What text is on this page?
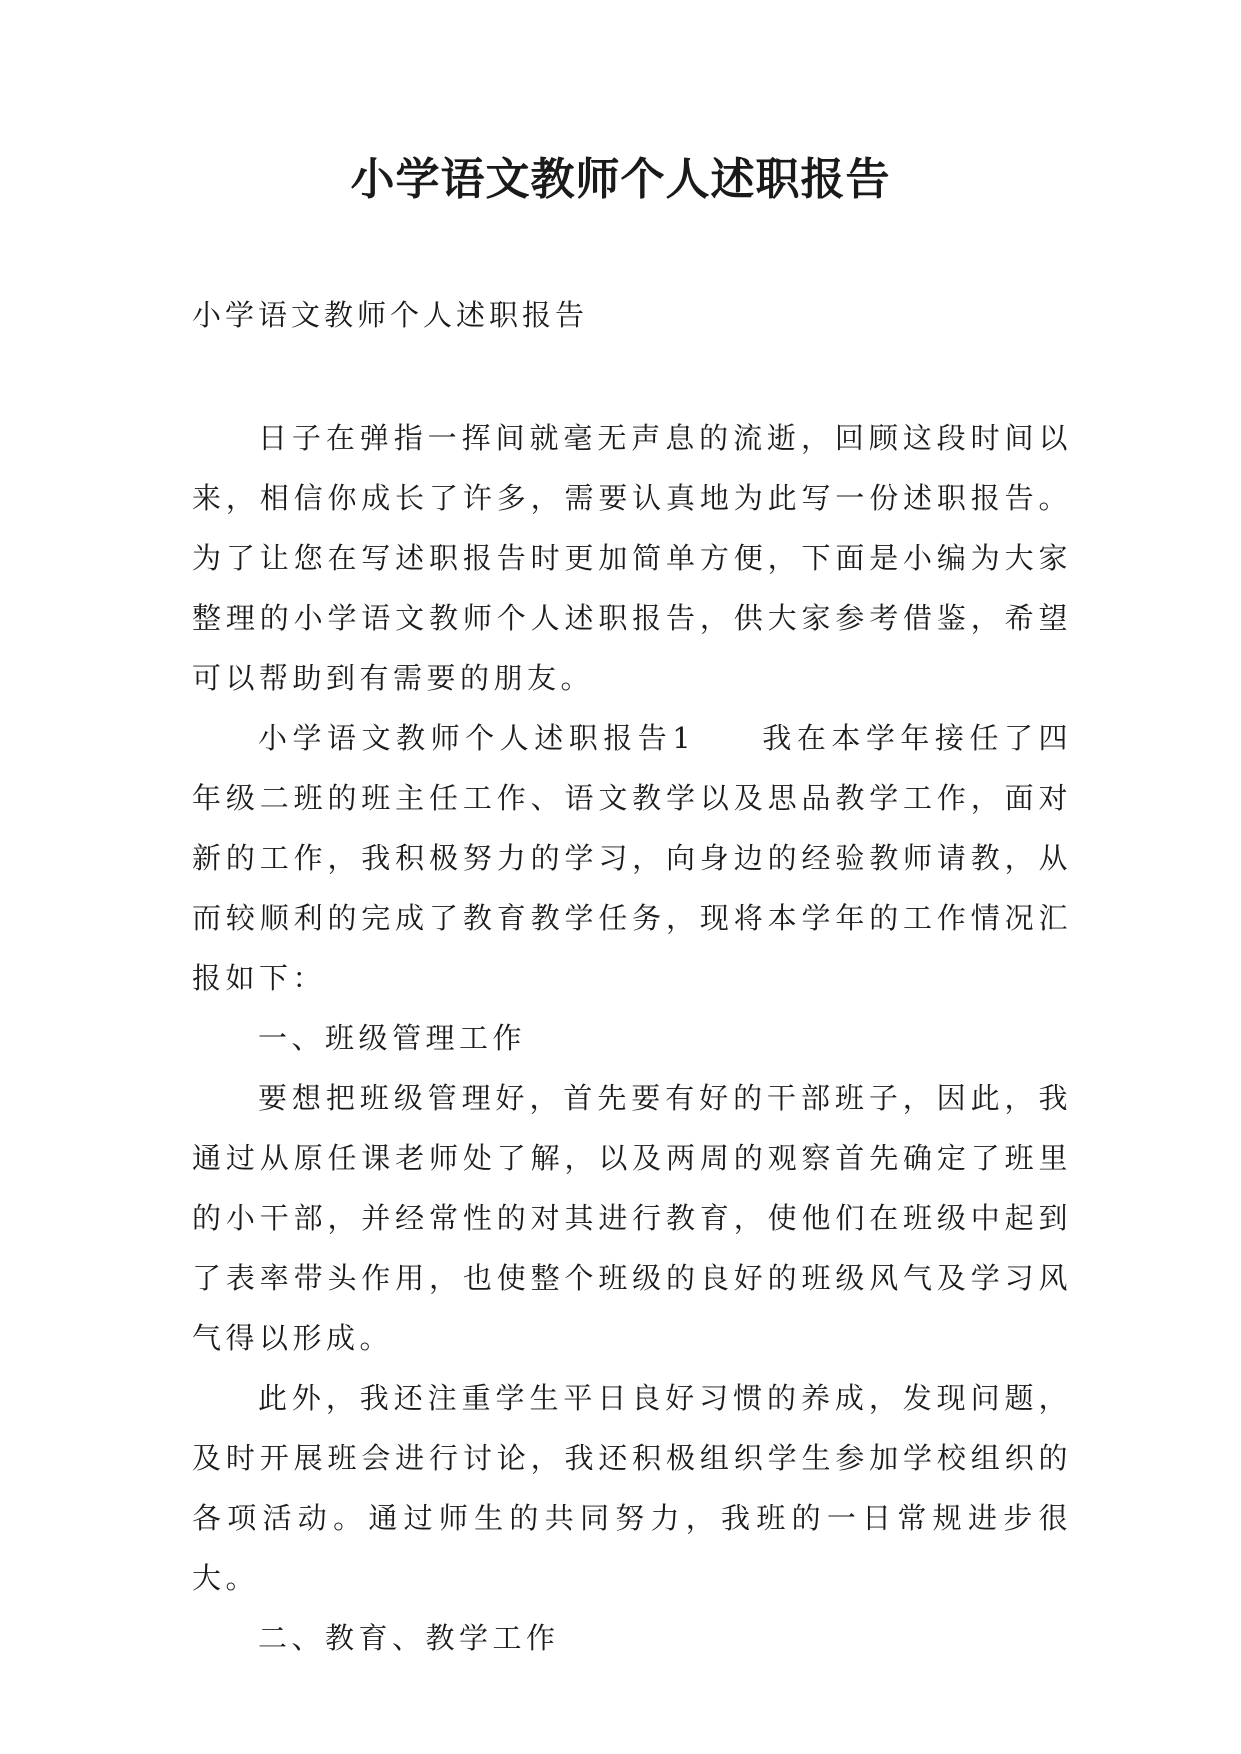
小学语文教师个人述职报告
小学语文教师个人述职报告

日子在弹指一挥间就毫无声息的流逝，回顾这段时间以来，相信你成长了许多，需要认真地为此写一份述职报告。为了让您在写述职报告时更加简单方便，下面是小编为大家整理的小学语文教师个人述职报告，供大家参考借鉴，希望可以帮助到有需要的朋友。

小学语文教师个人述职报告1 我在本学年接任了四年级二班的班主任工作、语文教学以及思品教学工作，面对新的工作，我积极努力的学习，向身边的经验教师请教，从而较顺利的完成了教育教学任务，现将本学年的工作情况汇报如下：

一、班级管理工作

要想把班级管理好，首先要有好的干部班子，因此，我通过从原任课老师处了解，以及两周的观察首先确定了班里的小干部，并经常性的对其进行教育，使他们在班级中起到了表率带头作用，也使整个班级的良好的班级风气及学习风气得以形成。

此外，我还注重学生平日良好习惯的养成，发现问题，及时开展班会进行讨论，我还积极组织学生参加学校组织的各项活动。通过师生的共同努力，我班的一日常规进步很大。

二、教育、教学工作
